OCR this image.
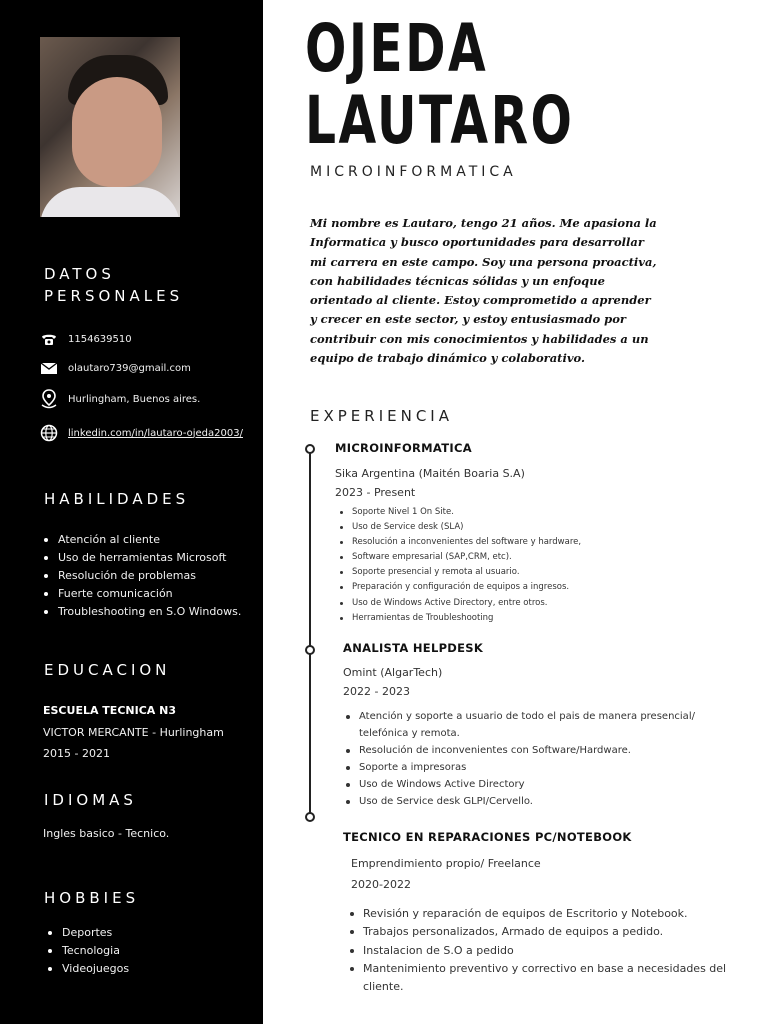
DATOS
PERSONALES
1154639510
olautaro739@gmail.com
Hurlingham, Buenos aires.
linkedin.com/in/lautaro-ojeda2003/
HABILIDADES
Atención al cliente
Uso de herramientas Microsoft
Resolución de problemas
Fuerte comunicación
Troubleshooting en S.O Windows.
EDUCACION
ESCUELA TECNICA N3
VICTOR MERCANTE - Hurlingham
2015 - 2021
IDIOMAS
Ingles basico - Tecnico.
HOBBIES
Deportes
Tecnologia
Videojuegos
OJEDA
LAUTARO
MICROINFORMATICA
Mi nombre es Lautaro, tengo 21 años. Me apasiona la Informatica y busco oportunidades para desarrollar mi carrera en este campo. Soy una persona proactiva, con habilidades técnicas sólidas y un enfoque orientado al cliente. Estoy comprometido a aprender y crecer en este sector, y estoy entusiasmado por contribuir con mis conocimientos y habilidades a un equipo de trabajo dinámico y colaborativo.
EXPERIENCIA
MICROINFORMATICA
Sika Argentina (Maitén Boaria S.A)
2023 - Present
Soporte Nivel 1 On Site.
Uso de Service desk (SLA)
Resolución a inconvenientes del software y hardware,
Software empresarial (SAP,CRM, etc).
Soporte presencial y remota al usuario.
Preparación y configuración de equipos a ingresos.
Uso de Windows Active Directory, entre otros.
Herramientas de Troubleshooting
ANALISTA HELPDESK
Omint (AlgarTech)
2022 - 2023
Atención y soporte a usuario de todo el pais de manera presencial/ telefónica y remota.
Resolución de inconvenientes con Software/Hardware.
Soporte a impresoras
Uso de Windows Active Directory
Uso de Service desk GLPI/Cervello.
TECNICO EN REPARACIONES PC/NOTEBOOK
Emprendimiento propio/ Freelance
2020-2022
Revisión y reparación de equipos de Escritorio y Notebook.
Trabajos personalizados, Armado de equipos a pedido.
Instalacion de S.O a pedido
Mantenimiento preventivo y correctivo en base a necesidades del cliente.
